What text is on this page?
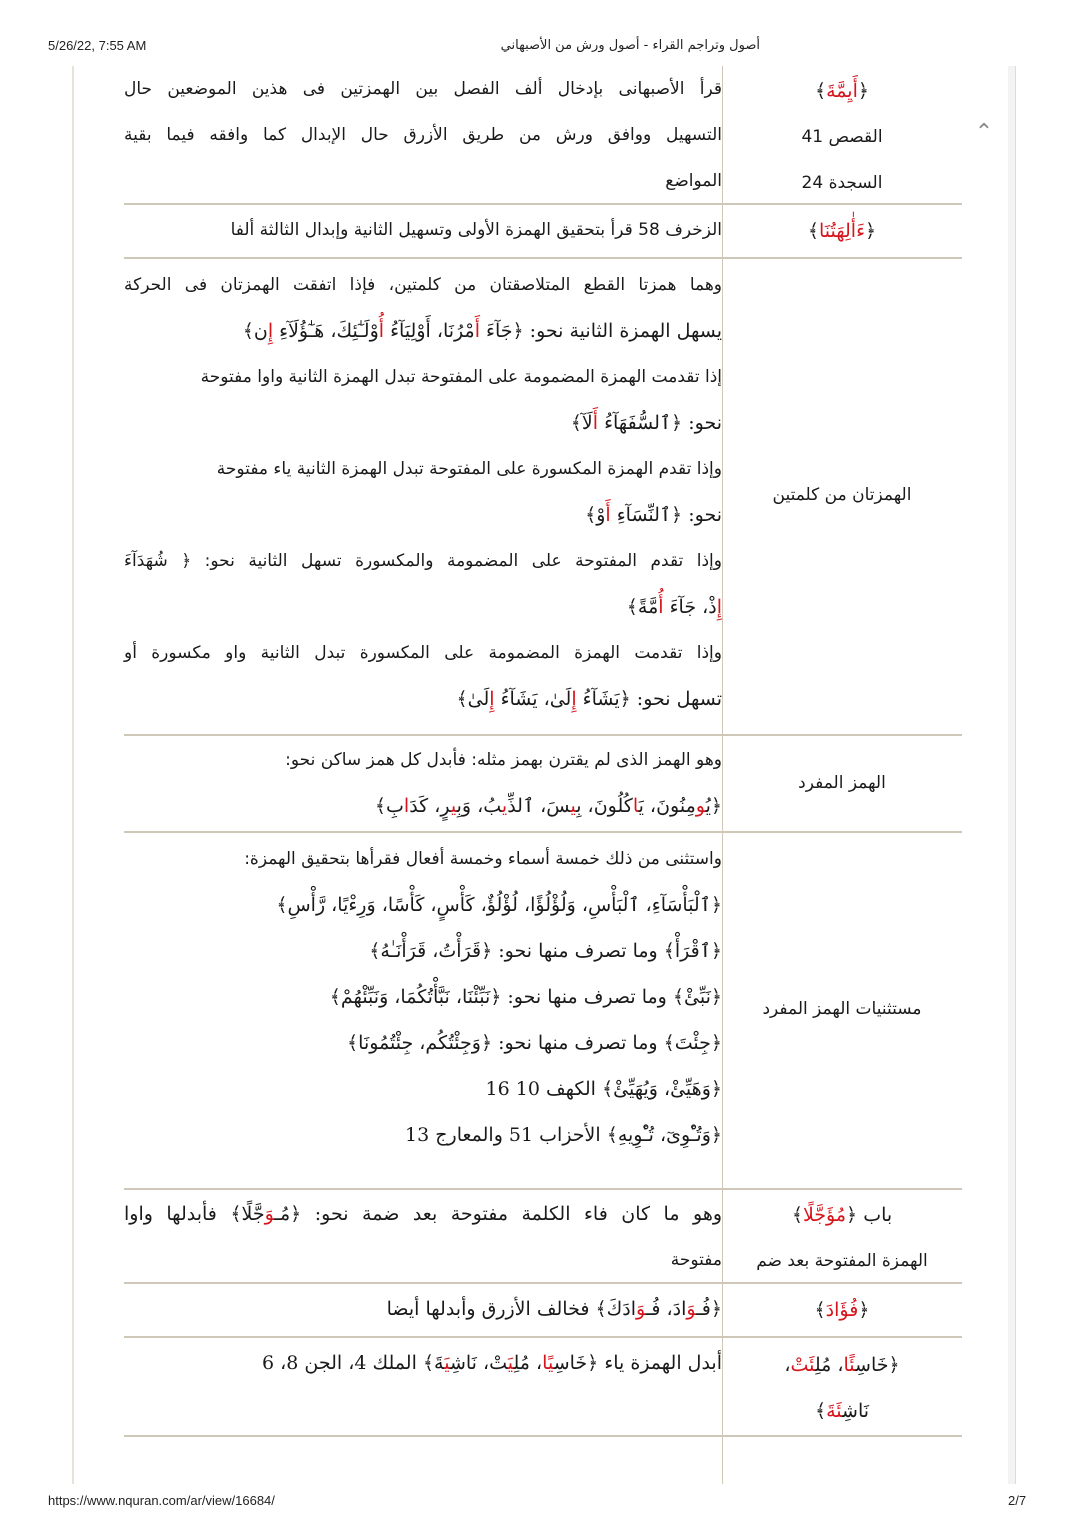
5/26/22, 7:55 AM	أصول وتراجم القراء - أصول ورش من الأصبهاني
⌃
﴿أَيِمَّةَ﴾
القصص 41
السجدة 24
قرأ الأصبهانى بإدخال ألف الفصل بين الهمزتين فى هذين الموضعين حال
التسهيل ووافق ورش من طريق الأزرق حال الإبدال كما وافقه فيما بقية
المواضع
﴿ءَأٰلِهَتُنَا﴾
الزخرف 58 قرأ بتحقيق الهمزة الأولى وتسهيل الثانية وإبدال الثالثة ألفا
الهمزتان من كلمتين
وهما همزتا القطع المتلاصقتان من كلمتين، فإذا اتفقت الهمزتان فى الحركة
يسهل الهمزة الثانية نحو: ﴿جَآءَ أَمْرُنَا، أَوْلِيَآءُ أُوْلَـٰٓئِكَ، هَـٰٓؤُلَآءِ إِن﴾
إذا تقدمت الهمزة المضمومة على المفتوحة تبدل الهمزة الثانية واوا مفتوحة
نحو: ﴿ٱلسُّفَهَآءُ أَلَآ﴾
وإذا تقدم الهمزة المكسورة على المفتوحة تبدل الهمزة الثانية ياء مفتوحة
نحو: ﴿ٱلنِّسَآءِ أَوْ﴾
وإذا تقدم المفتوحة على المضمومة والمكسورة تسهل الثانية نحو: ﴿ شُهَدَآءَ
إِذْ، جَآءَ أُمَّةً﴾
وإذا تقدمت الهمزة المضمومة على المكسورة تبدل الثانية واو مكسورة أو
تسهل نحو: ﴿يَشَآءُ إِلَىٰ، يَشَآءُ إِلَىٰ﴾
الهمز المفرد
وهو الهمز الذى لم يقترن بهمز مثله: فأبدل كل همز ساكن نحو:
﴿يُومِنُونَ، يَاكُلُونَ، بِيسَ، ٱلذِّيبُ، وَبِيرٍ، كَدَابِ﴾
مستثنيات الهمز المفرد
واستثنى من ذلك خمسة أسماء وخمسة أفعال فقرأها بتحقيق الهمزة:
﴿ٱلْبَأْسَآءِ، ٱلْبَأْسِ، وَلُؤْلُؤًا، لُؤْلُؤٌ، كَأْسٍ، كَأْسًا، وَرِءْيًا، رَّأْسِ﴾
﴿ٱقْرَأْ﴾ وما تصرف منها نحو: ﴿قَرَأْتُ، قَرَأْنَـٰهُ﴾
﴿نَبِّئْ﴾ وما تصرف منها نحو: ﴿نَبِّئْنَا، نَبَّأْتُكُمَا، وَنَبِّئْهُمْ﴾
﴿جِئْتَ﴾ وما تصرف منها نحو: ﴿وَجِئْتُكُم، جِئْتُمُونَا﴾
﴿وَهَيِّئْ، وَيُهَيِّئْ﴾ الكهف 10 16
﴿وَتُـْٔوِىٓ، تُـْٔوِيهِ﴾ الأحزاب 51 والمعارج 13
باب ﴿مُؤَجَّلًا﴾
الهمزة المفتوحة بعد ضم
وهو ما كان فاء الكلمة مفتوحة بعد ضمة نحو: ﴿مُـوَجَّلًا﴾ فأبدلها واوا
مفتوحة
﴿فُؤَادَ﴾
﴿فُـوَادَ، فُـوَادَكَ﴾ فخالف الأزرق وأبدلها أيضا
﴿خَاسِئًا، مُلِئَتْ،
نَاشِئَةَ﴾
أبدل الهمزة ياء ﴿خَاسِيًا، مُلِيَتْ، نَاشِيَةَ﴾ الملك 4، الجن 8، 6
https://www.nquran.com/ar/view/16684/	2/7
